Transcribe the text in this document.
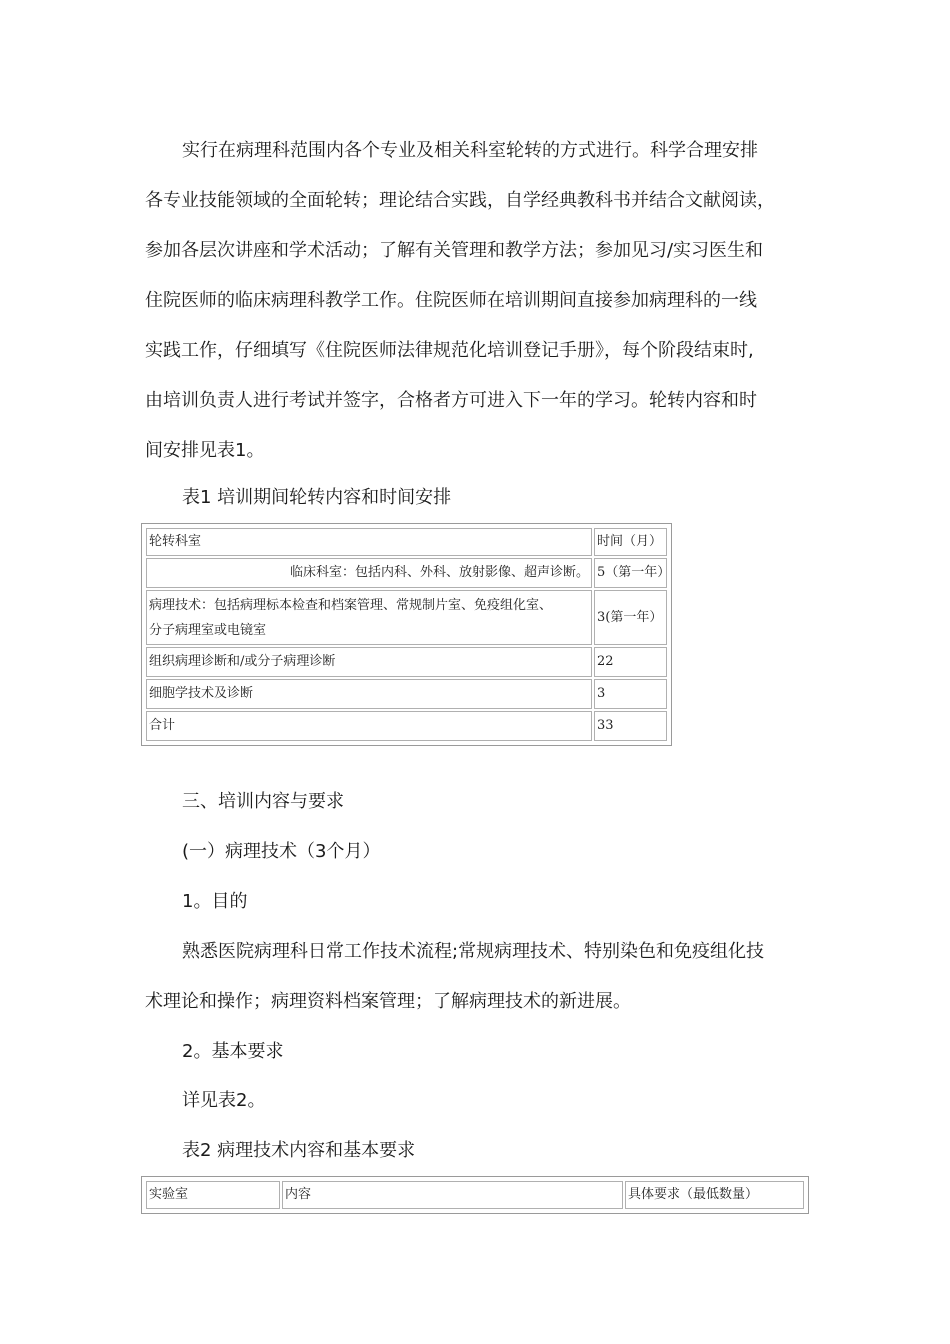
实行在病理科范围内各个专业及相关科室轮转的方式进行。科学合理安排
各专业技能领域的全面轮转；理论结合实践，自学经典教科书并结合文献阅读，
参加各层次讲座和学术活动；了解有关管理和教学方法；参加见习/实习医生和
住院医师的临床病理科教学工作。住院医师在培训期间直接参加病理科的一线
实践工作，仔细填写《住院医师法律规范化培训登记手册》，每个阶段结束时,
由培训负责人进行考试并签字，合格者方可进入下一年的学习。轮转内容和时
间安排见表1。

表1 培训期间轮转内容和时间安排

轮转科室	时间（月）
临床科室：包括内科、外科、放射影像、超声诊断。	5（第一年）
病理技术：包括病理标本检查和档案管理、常规制片室、免疫组化室、
分子病理室或电镜室	3(第一年）
组织病理诊断和/或分子病理诊断	22
细胞学技术及诊断	3
合计	33

三、培训内容与要求

(一）病理技术（3个月）

1。目的

熟悉医院病理科日常工作技术流程;常规病理技术、特别染色和免疫组化技
术理论和操作；病理资料档案管理；了解病理技术的新进展。

2。基本要求

详见表2。

表2 病理技术内容和基本要求

实验室	内容	具体要求（最低数量）
